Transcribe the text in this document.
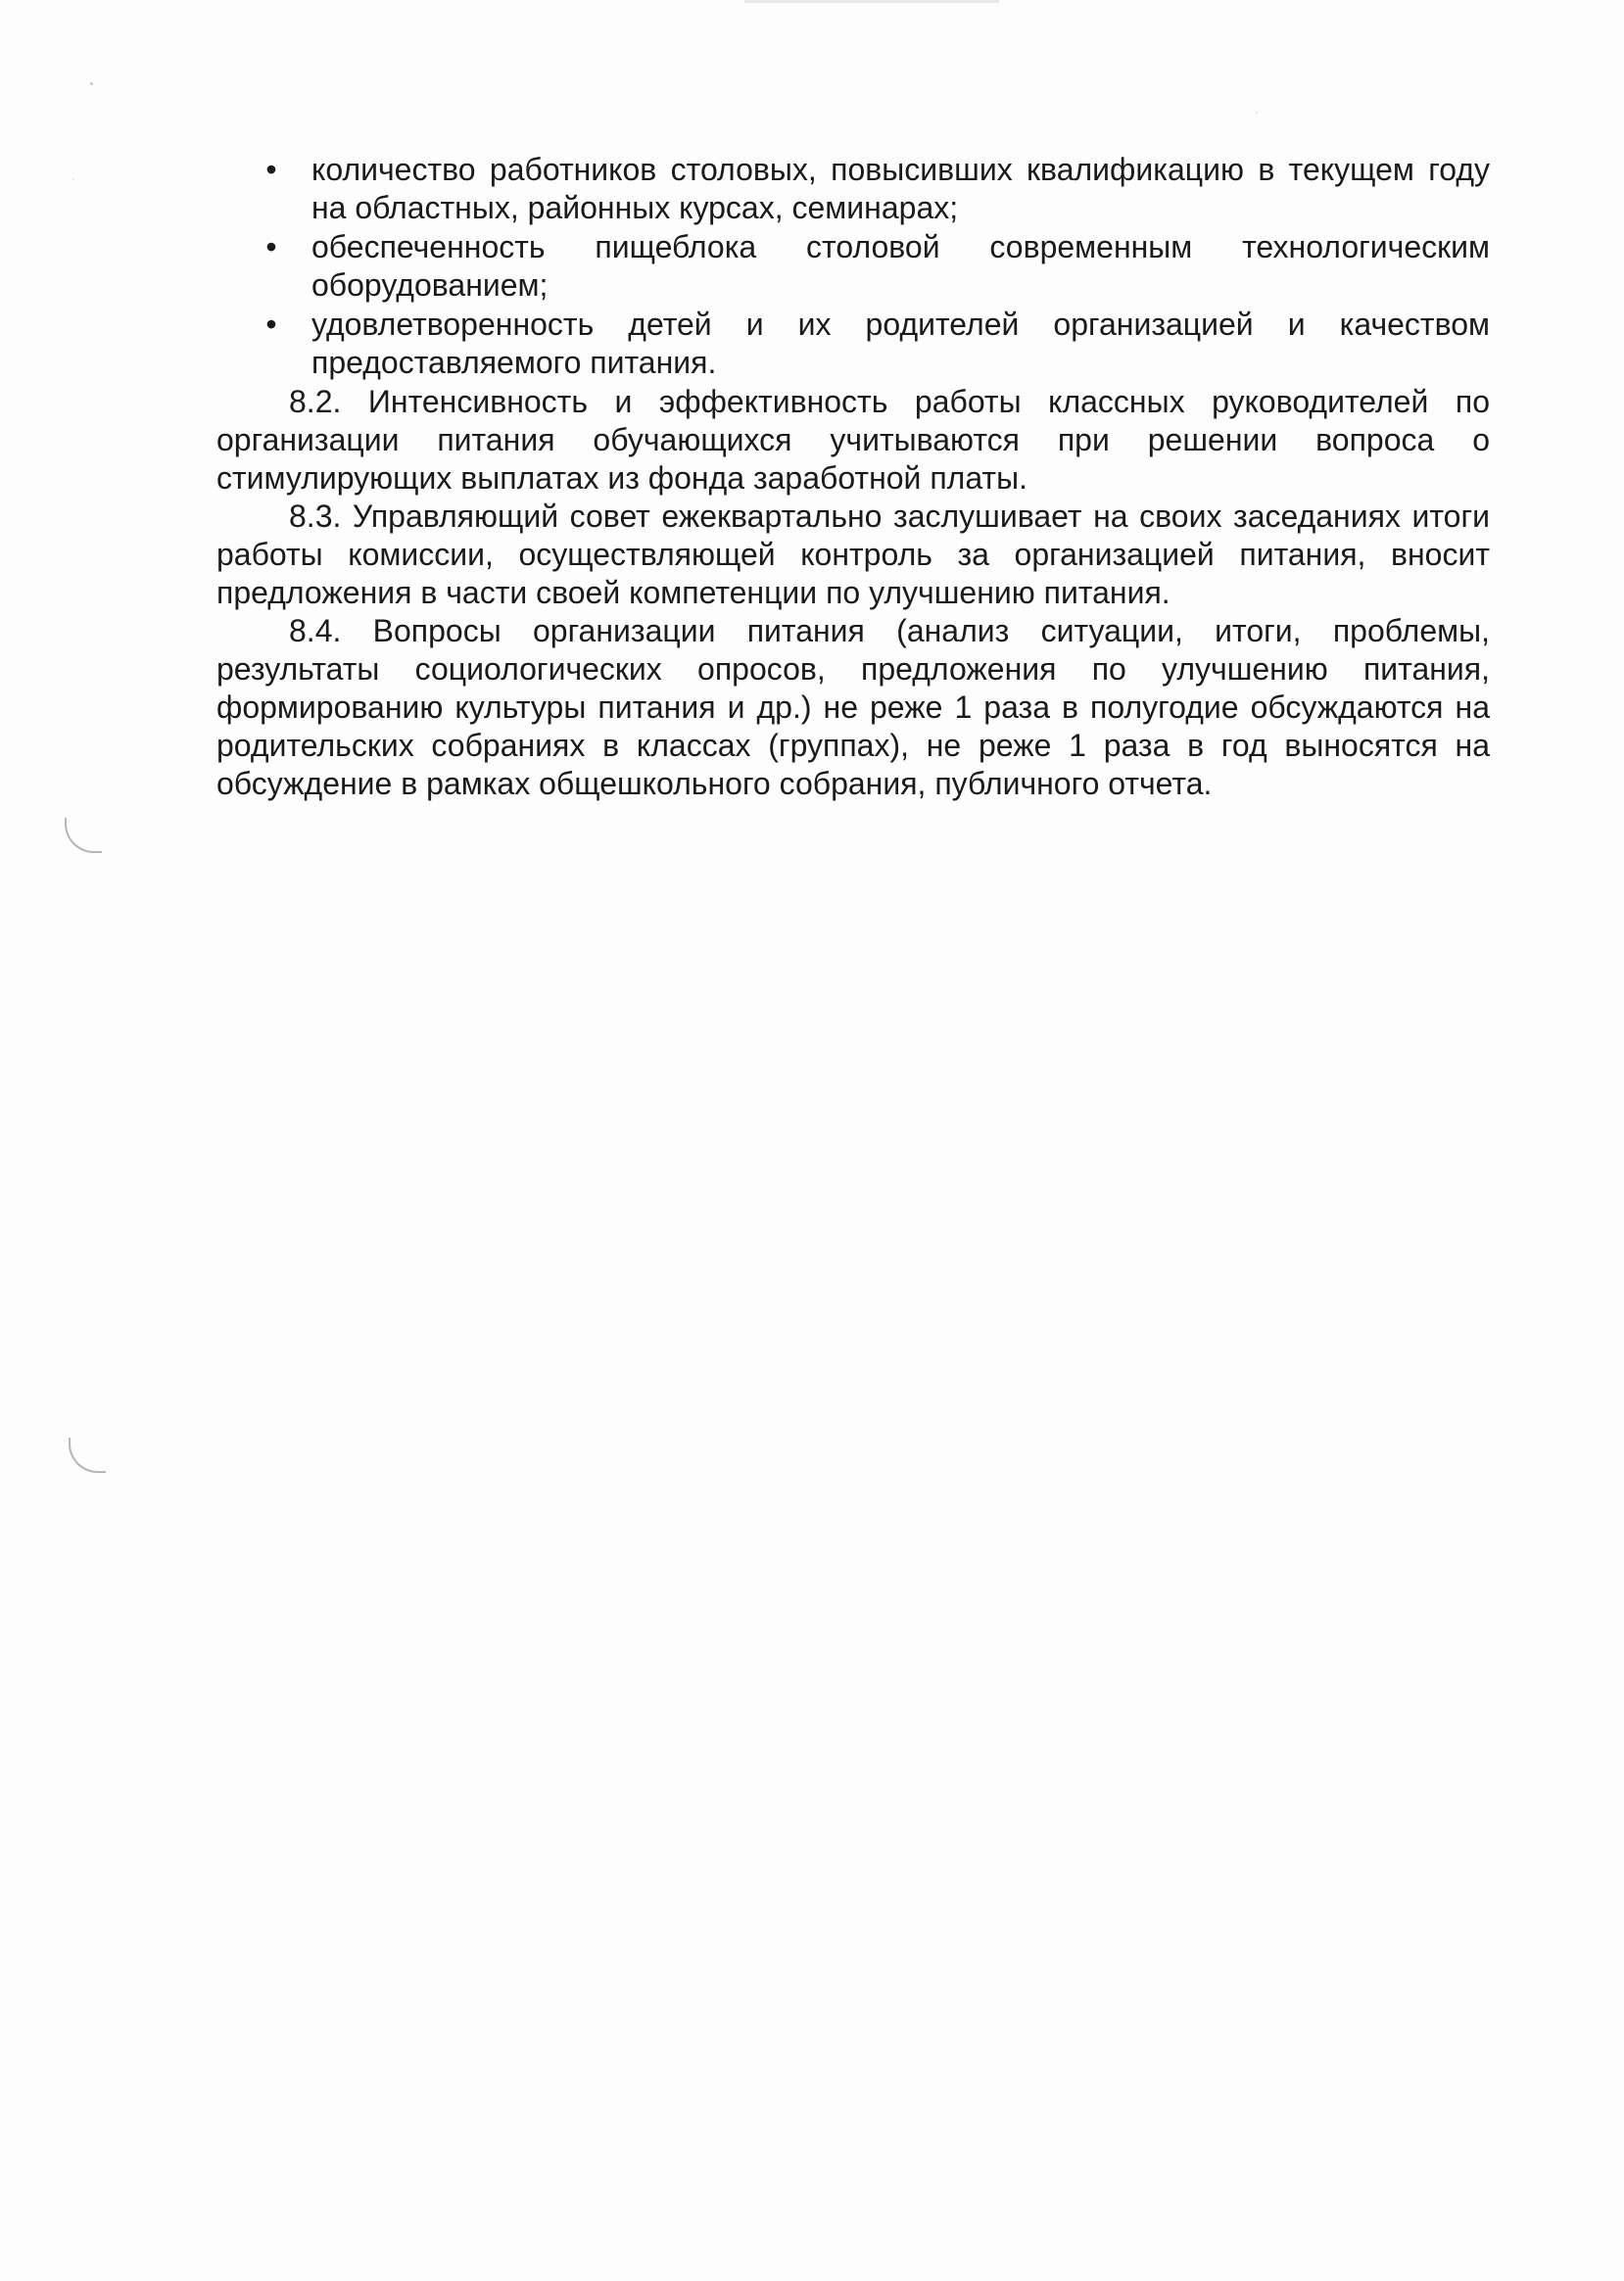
• количество работников столовых, повысивших квалификацию в текущем году на областных, районных курсах, семинарах;
• обеспеченность пищеблока столовой современным технологическим оборудованием;
• удовлетворенность детей и их родителей организацией и качеством предоставляемого питания.

8.2. Интенсивность и эффективность работы классных руководителей по организации питания обучающихся учитываются при решении вопроса о стимулирующих выплатах из фонда заработной платы.

8.3. Управляющий совет ежеквартально заслушивает на своих заседаниях итоги работы комиссии, осуществляющей контроль за организацией питания, вносит предложения в части своей компетенции по улучшению питания.

8.4. Вопросы организации питания (анализ ситуации, итоги, проблемы, результаты социологических опросов, предложения по улучшению питания, формированию культуры питания и др.) не реже 1 раза в полугодие обсуждаются на родительских собраниях в классах (группах), не реже 1 раза в год выносятся на обсуждение в рамках общешкольного собрания, публичного отчета.
